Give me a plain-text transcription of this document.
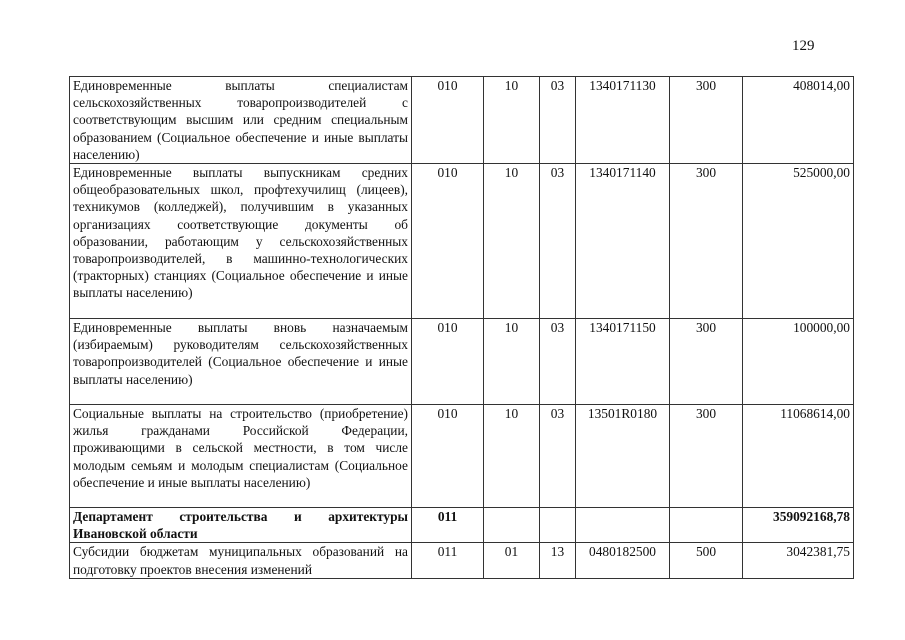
129
Единовременные выплаты специалистам сельскохозяйственных товаропроизводителей с соответствующим высшим или средним специальным образованием (Социальное обеспечение и иные выплаты населению)	010	10	03	1340171130	300	408014,00
Единовременные выплаты выпускникам средних общеобразовательных школ, профтехучилищ (лицеев), техникумов (колледжей), получившим в указанных организациях соответствующие документы об образовании, работающим у сельскохозяйственных товаропроизводителей, в машинно-технологических (тракторных) станциях (Социальное обеспечение и иные выплаты населению)	010	10	03	1340171140	300	525000,00
Единовременные выплаты вновь назначаемым (избираемым) руководителям сельскохозяйственных товаропроизводителей (Социальное обеспечение и иные выплаты населению)	010	10	03	1340171150	300	100000,00
Социальные выплаты на строительство (приобретение) жилья гражданами Российской Федерации, проживающими в сельской местности, в том числе молодым семьям и молодым специалистам (Социальное обеспечение и иные выплаты населению)	010	10	03	13501R0180	300	11068614,00
Департамент строительства и архитектуры Ивановской области	011					359092168,78
Субсидии бюджетам муниципальных образований на подготовку проектов внесения изменений	011	01	13	0480182500	500	3042381,75
